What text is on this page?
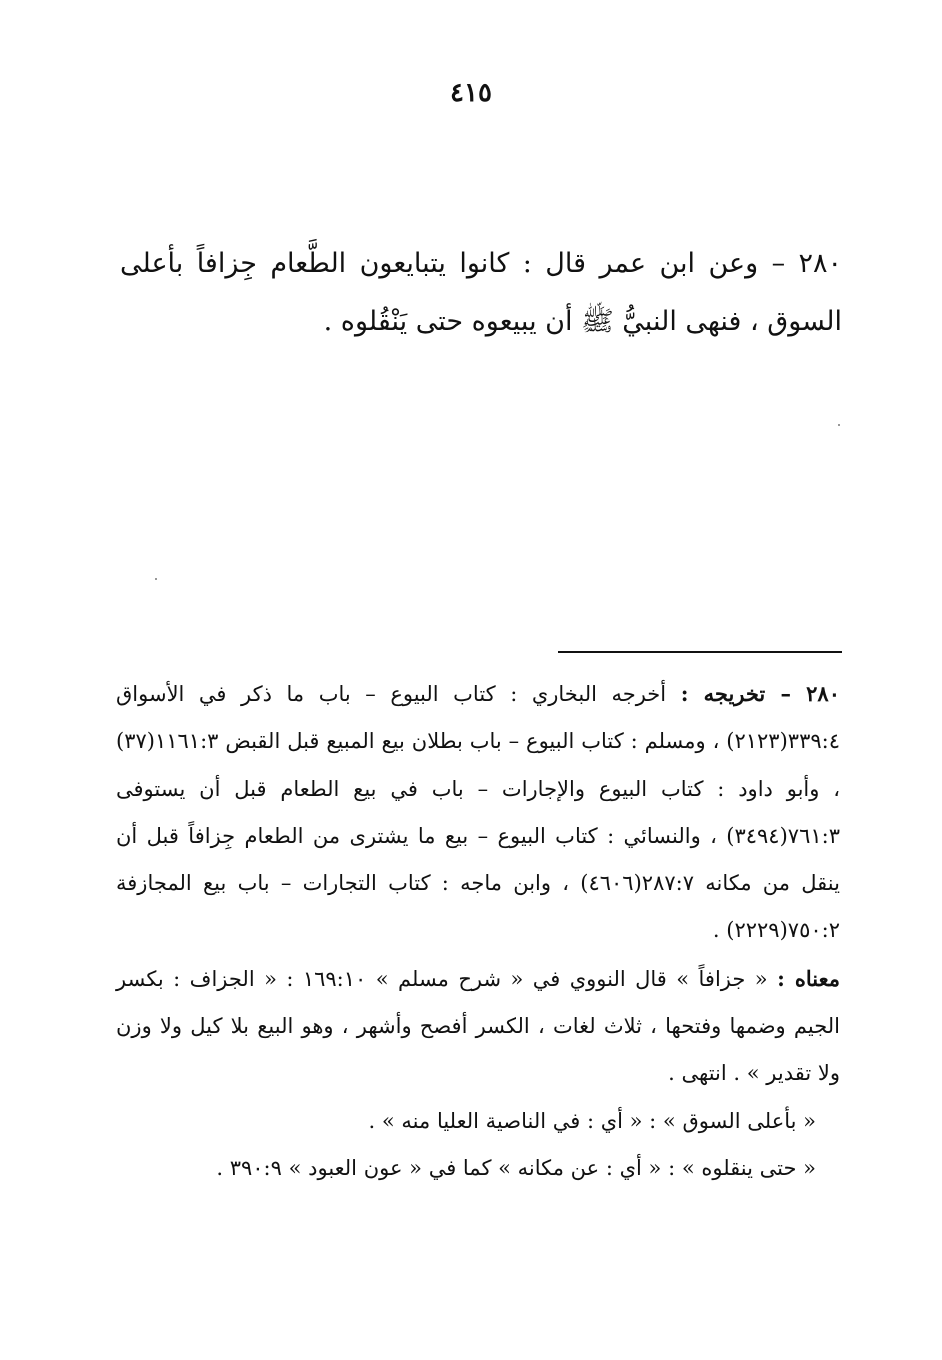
٤١٥

٢٨٠ – وعن ابن عمر قال : كانوا يتبايعون الطَّعام جِزافاً بأعلى السوق ، فنهى النبيُّ ﷺ أن يبيعوه حتى يَنْقُلوه .

٢٨٠ – تخريجه : أخرجه البخاري : كتاب البيوع – باب ما ذكر في الأسواق ٣٣٩:٤(٢١٢٣) ، ومسلم : كتاب البيوع – باب بطلان بيع المبيع قبل القبض ١١٦١:٣(٣٧) ، وأبو داود : كتاب البيوع والإجارات – باب في بيع الطعام قبل أن يستوفى ٧٦١:٣(٣٤٩٤) ، والنسائي : كتاب البيوع – بيع ما يشترى من الطعام جِزافاً قبل أن ينقل من مكانه ٢٨٧:٧(٤٦٠٦) ، وابن ماجه : كتاب التجارات – باب بيع المجازفة ٧٥٠:٢(٢٢٢٩) .

معناه : « جزافاً » قال النووي في « شرح مسلم » ١٦٩:١٠ : « الجزاف : بكسر الجيم وضمها وفتحها ، ثلاث لغات ، الكسر أفصح وأشهر ، وهو البيع بلا كيل ولا وزن ولا تقدير » . انتهى .

« بأعلى السوق » : « أي : في الناصية العليا منه » .

« حتى ينقلوه » : « أي : عن مكانه » كما في « عون العبود » ٣٩٠:٩ .
